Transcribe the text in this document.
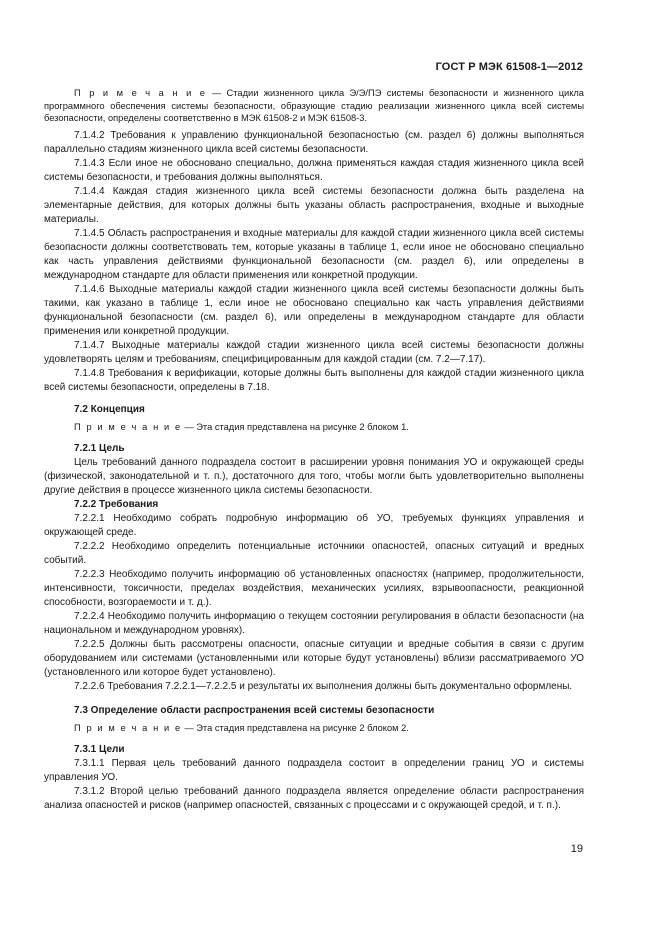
ГОСТ Р МЭК 61508-1—2012

П р и м е ч а н и е — Стадии жизненного цикла Э/Э/ПЭ системы безопасности и жизненного цикла программного обеспечения системы безопасности, образующие стадию реализации жизненного цикла всей системы безопасности, определены соответственно в МЭК 61508-2 и МЭК 61508-3.

7.1.4.2 Требования к управлению функциональной безопасностью (см. раздел 6) должны выполняться параллельно стадиям жизненного цикла всей системы безопасности.

7.1.4.3 Если иное не обосновано специально, должна применяться каждая стадия жизненного цикла всей системы безопасности, и требования должны выполняться.

7.1.4.4 Каждая стадия жизненного цикла всей системы безопасности должна быть разделена на элементарные действия, для которых должны быть указаны область распространения, входные и выходные материалы.

7.1.4.5 Область распространения и входные материалы для каждой стадии жизненного цикла всей системы безопасности должны соответствовать тем, которые указаны в таблице 1, если иное не обосновано специально как часть управления действиями функциональной безопасности (см. раздел 6), или определены в международном стандарте для области применения или конкретной продукции.

7.1.4.6 Выходные материалы каждой стадии жизненного цикла всей системы безопасности должны быть такими, как указано в таблице 1, если иное не обосновано специально как часть управления действиями функциональной безопасности (см. раздел 6), или определены в международном стандарте для области применения или конкретной продукции.

7.1.4.7 Выходные материалы каждой стадии жизненного цикла всей системы безопасности должны удовлетворять целям и требованиям, специфицированным для каждой стадии (см. 7.2—7.17).

7.1.4.8 Требования к верификации, которые должны быть выполнены для каждой стадии жизненного цикла всей системы безопасности, определены в 7.18.

7.2 Концепция

П р и м е ч а н и е — Эта стадия представлена на рисунке 2 блоком 1.

7.2.1 Цель

Цель требований данного подраздела состоит в расширении уровня понимания УО и окружающей среды (физической, законодательной и т. п.), достаточного для того, чтобы могли быть удовлетворительно выполнены другие действия в процессе жизненного цикла системы безопасности.

7.2.2 Требования

7.2.2.1 Необходимо собрать подробную информацию об УО, требуемых функциях управления и окружающей среде.

7.2.2.2 Необходимо определить потенциальные источники опасностей, опасных ситуаций и вредных событий.

7.2.2.3 Необходимо получить информацию об установленных опасностях (например, продолжительности, интенсивности, токсичности, пределах воздействия, механических усилиях, взрывоопасности, реакционной способности, возгораемости и т. д.).

7.2.2.4 Необходимо получить информацию о текущем состоянии регулирования в области безопасности (на национальном и международном уровнях).

7.2.2.5 Должны быть рассмотрены опасности, опасные ситуации и вредные события в связи с другим оборудованием или системами (установленными или которые будут установлены) вблизи рассматриваемого УО (установленного или которое будет установлено).

7.2.2.6 Требования 7.2.2.1—7.2.2.5 и результаты их выполнения должны быть документально оформлены.

7.3 Определение области распространения всей системы безопасности

П р и м е ч а н и е — Эта стадия представлена на рисунке 2 блоком 2.

7.3.1 Цели

7.3.1.1 Первая цель требований данного подраздела состоит в определении границ УО и системы управления УО.

7.3.1.2 Второй целью требований данного подраздела является определение области распространения анализа опасностей и рисков (например опасностей, связанных с процессами и с окружающей средой, и т. п.).

19
